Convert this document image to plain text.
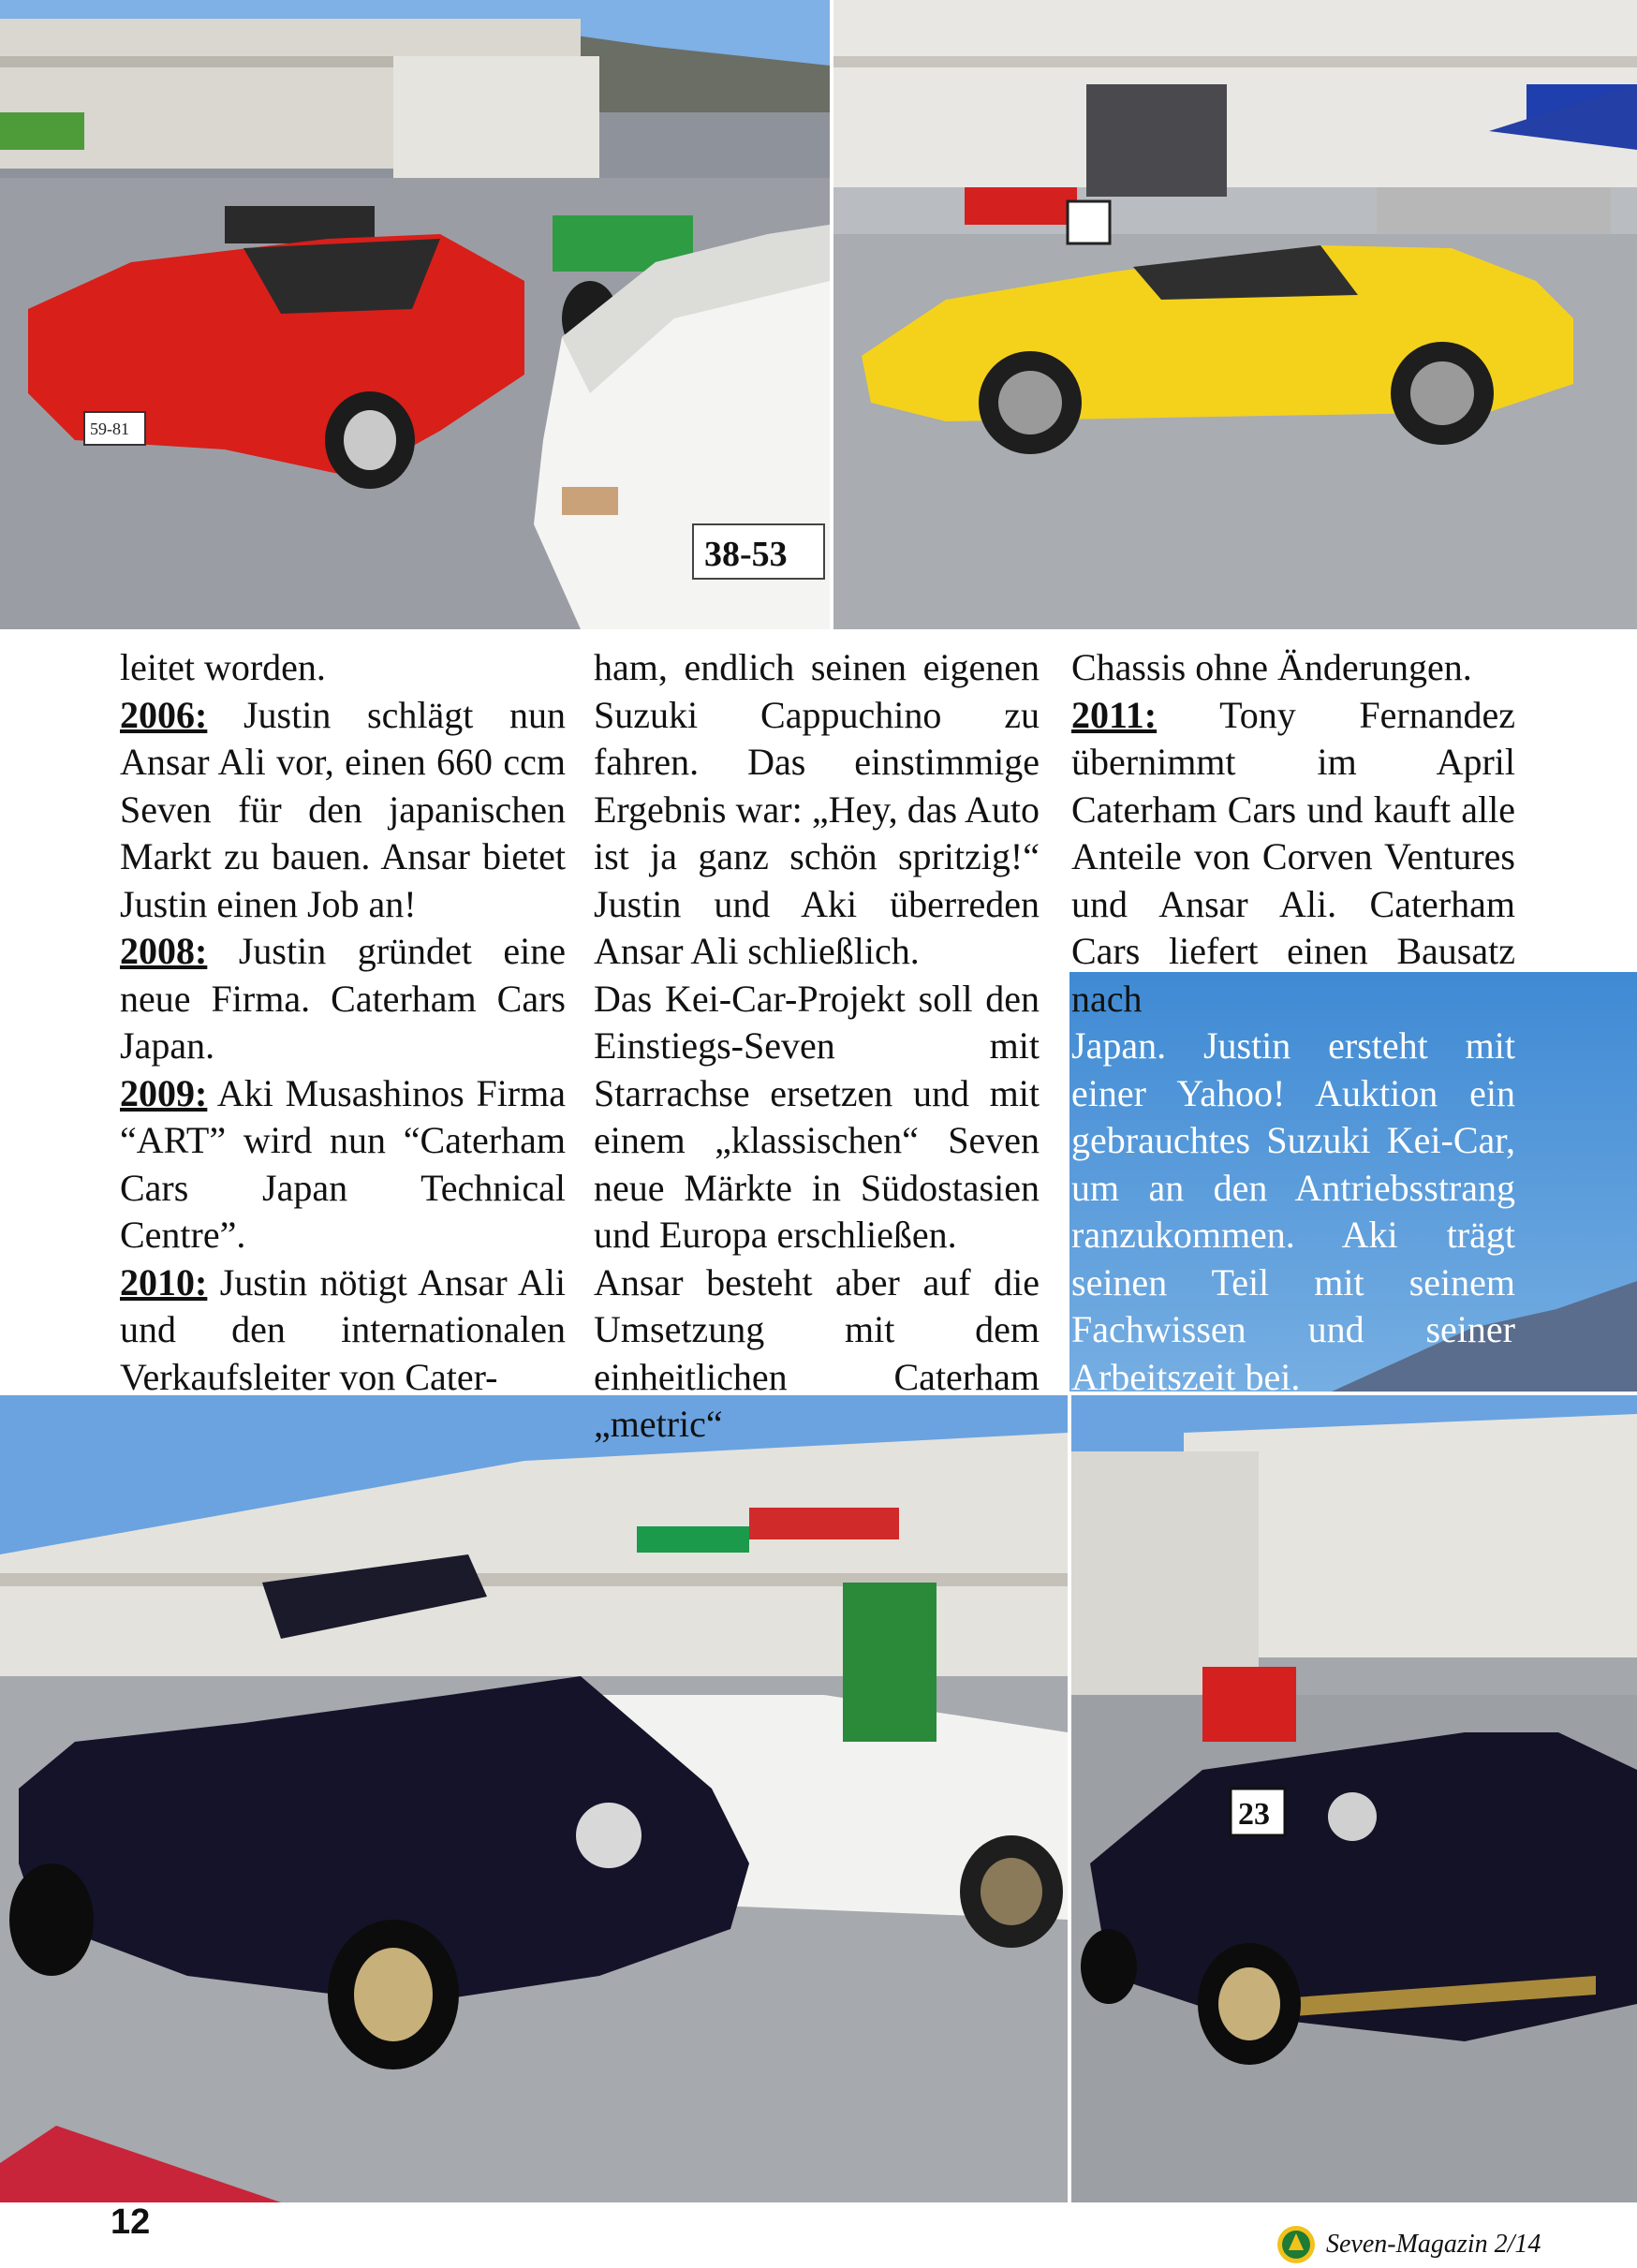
59-81
38-53
23

leitet worden.

2006: Justin schlägt nun Ansar Ali vor, einen 660 ccm Seven für den japanischen Markt zu bauen. Ansar bietet Justin einen Job an!

2008: Justin gründet eine neue Firma. Caterham Cars Japan.

2009: Aki Musashinos Firma “ART” wird nun “Caterham Cars Japan Technical Centre”.

2010: Justin nötigt Ansar Ali und den internationalen Verkaufsleiter von Cater-

ham, endlich seinen eigenen Suzuki Cappuchino zu fahren. Das einstimmige Ergebnis war: „Hey, das Auto ist ja ganz schön spritzig!“ Justin und Aki überreden Ansar Ali schließlich.

Das Kei-Car-Projekt soll den Einstiegs-Seven mit Starrachse ersetzen und mit einem „klassischen“ Seven neue Märkte in Südostasien und Europa erschließen.

Ansar besteht aber auf die Umsetzung mit dem einheitlichen Caterham „metric“

Chassis ohne Änderungen.

2011: Tony Fernandez übernimmt im April Caterham Cars und kauft alle Anteile von Corven Ventures und Ansar Ali. Caterham Cars liefert einen Bausatz nach

Japan. Justin ersteht mit einer Yahoo! Auktion ein gebrauchtes Suzuki Kei-Car, um an den Antriebsstrang ranzukommen. Aki trägt seinen Teil mit seinem Fachwissen und seiner Arbeitszeit bei.

12
Seven-Magazin 2/14
